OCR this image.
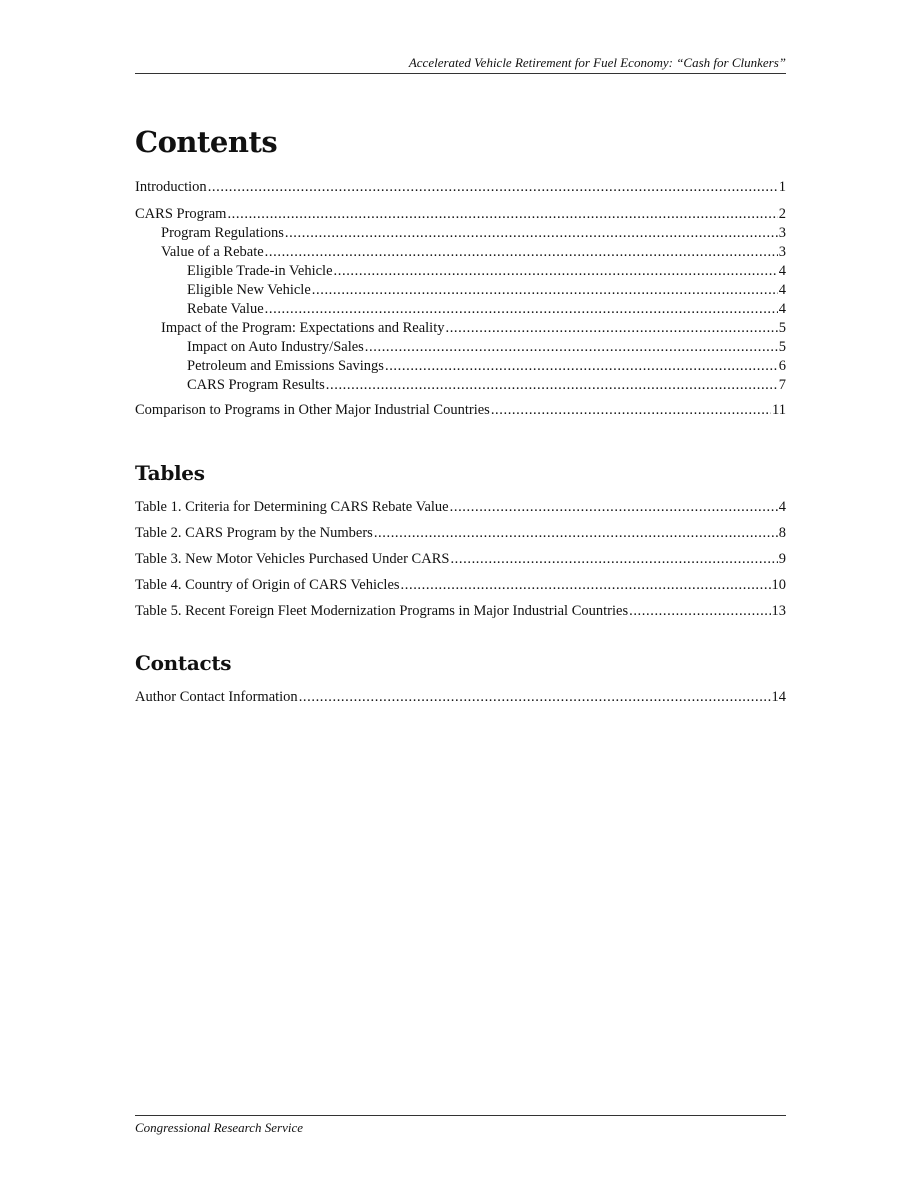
Accelerated Vehicle Retirement for Fuel Economy: “Cash for Clunkers”
Contents
Introduction .....	1
CARS Program .....	2
Program Regulations .....	3
Value of a Rebate .....	3
Eligible Trade-in Vehicle .....	4
Eligible New Vehicle .....	4
Rebate Value .....	4
Impact of the Program: Expectations and Reality .....	5
Impact on Auto Industry/Sales .....	5
Petroleum and Emissions Savings .....	6
CARS Program Results .....	7
Comparison to Programs in Other Major Industrial Countries .....	11
Tables
Table 1. Criteria for Determining CARS Rebate Value .....	4
Table 2. CARS Program by the Numbers .....	8
Table 3. New Motor Vehicles Purchased Under CARS .....	9
Table 4. Country of Origin of CARS Vehicles .....	10
Table 5. Recent Foreign Fleet Modernization Programs in Major Industrial Countries .....	13
Contacts
Author Contact Information .....	14
Congressional Research Service
